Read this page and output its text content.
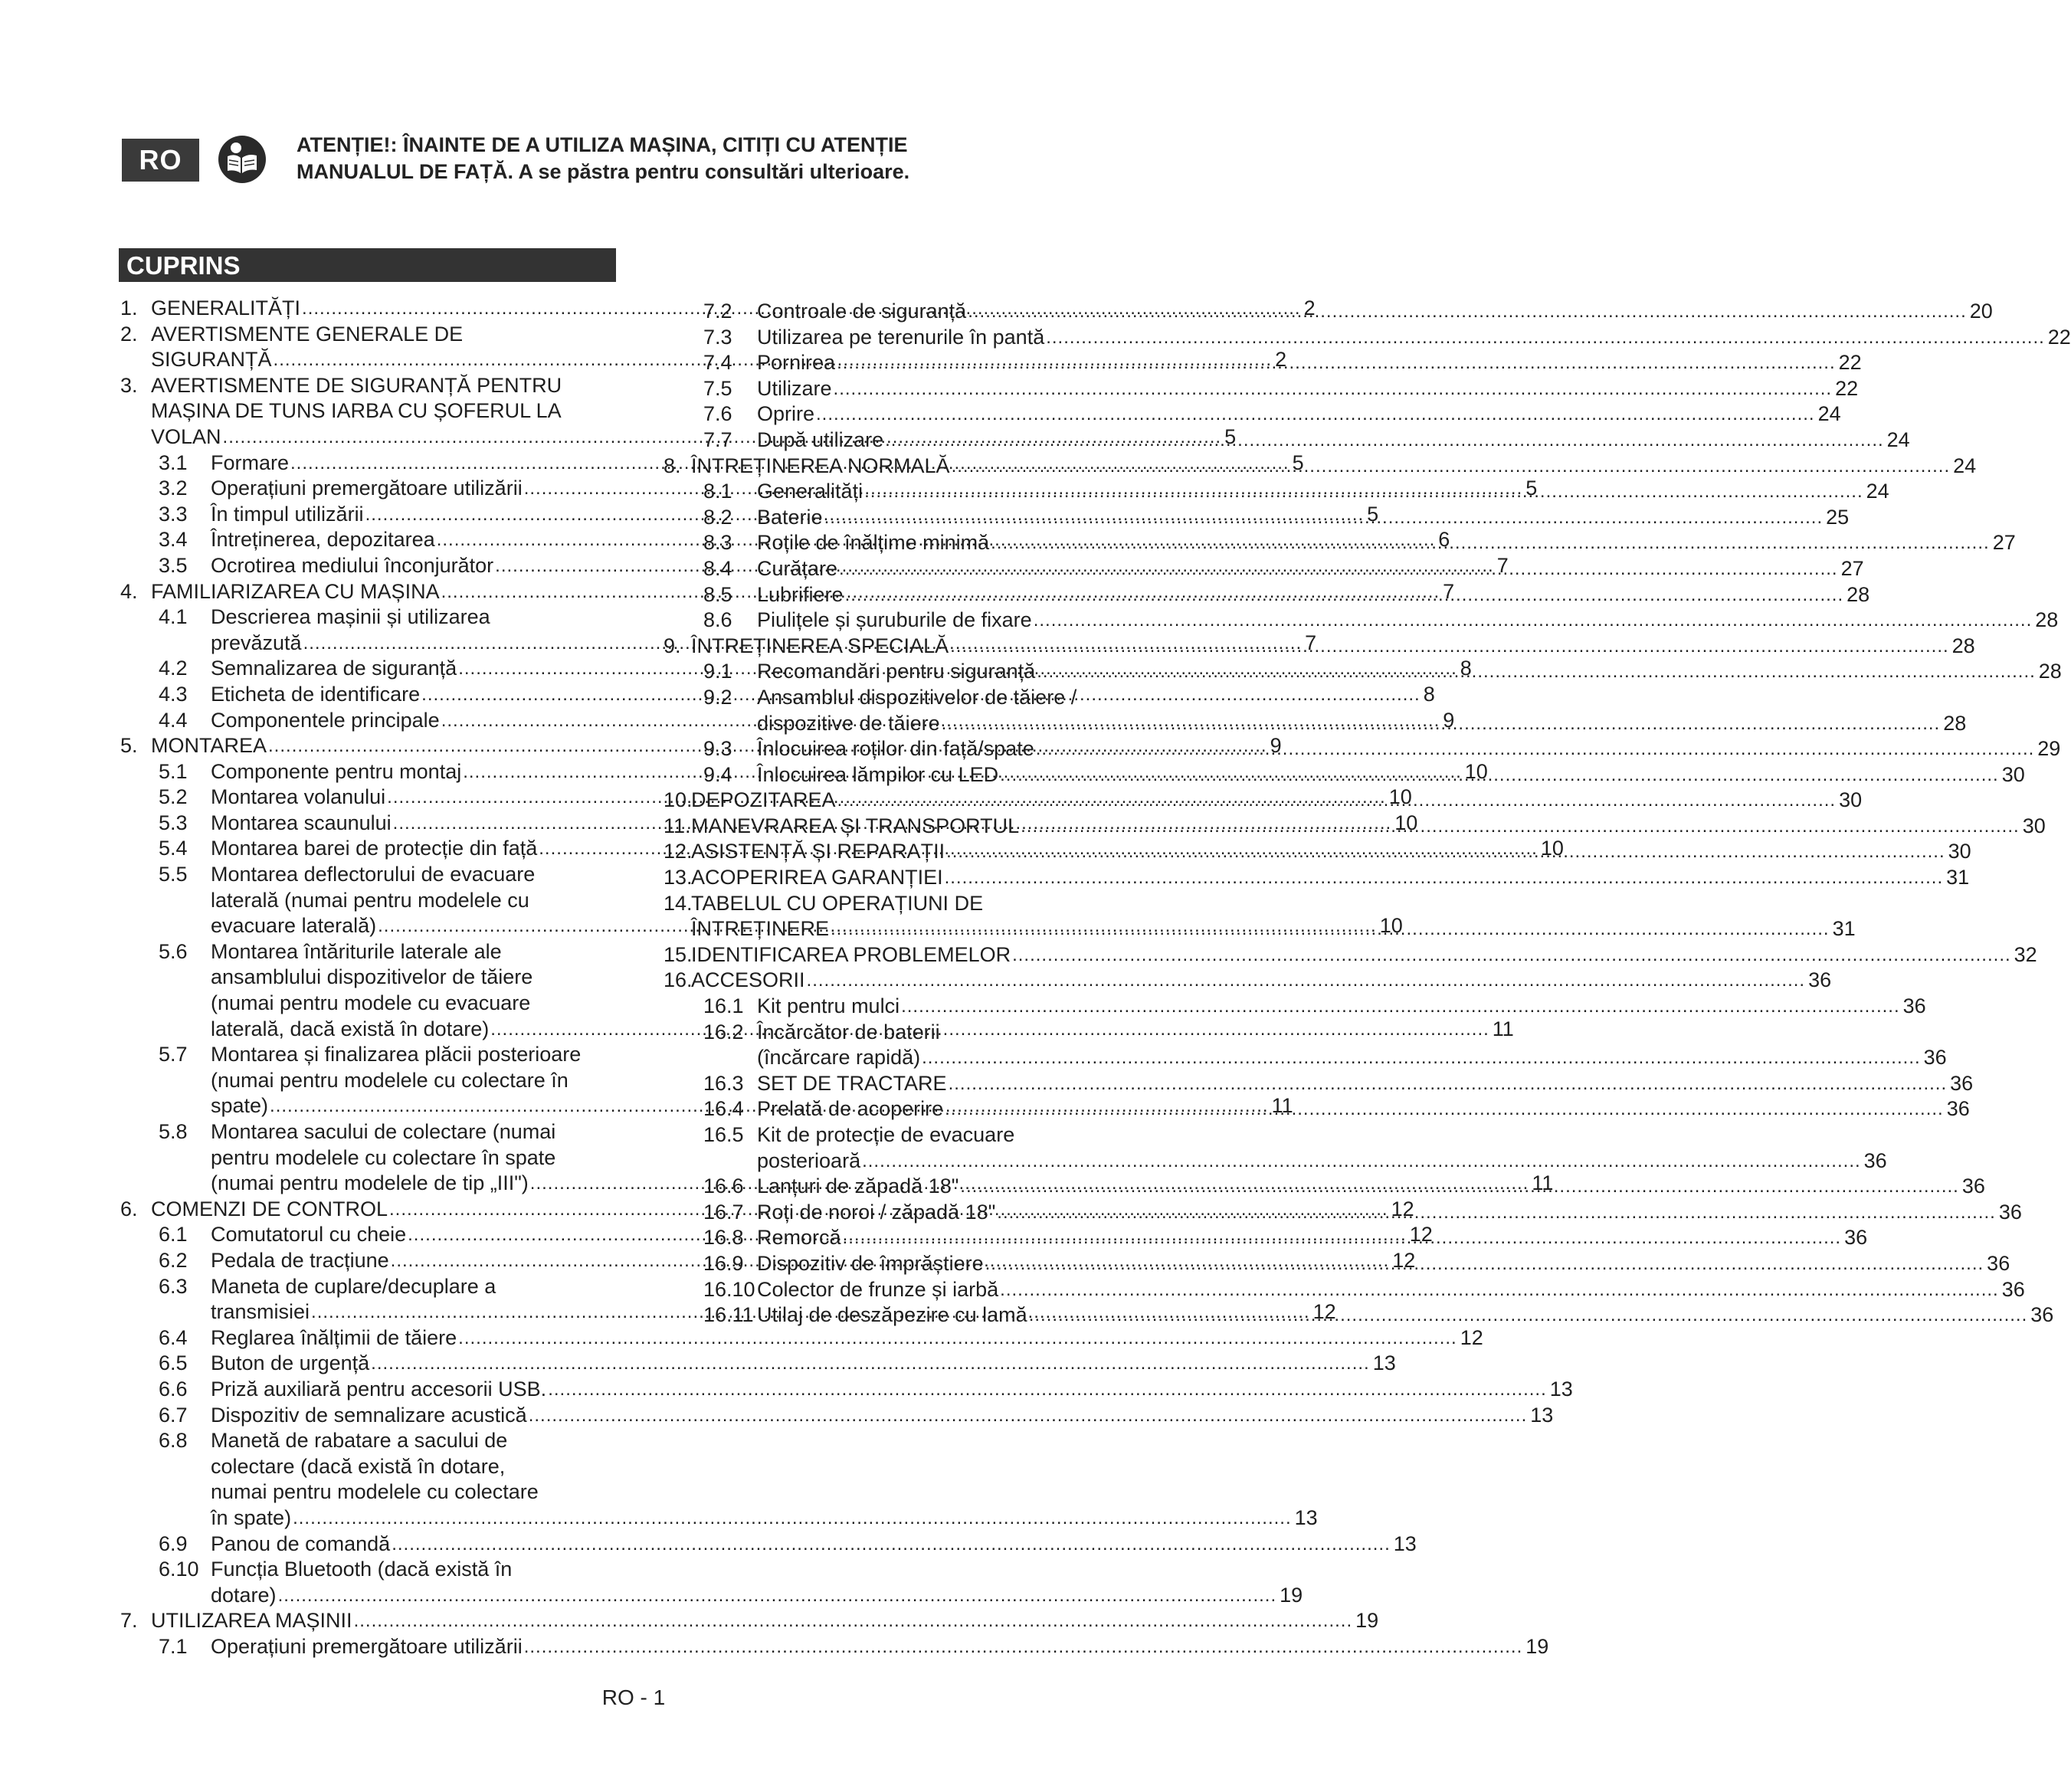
RO	ATENȚIE!: ÎNAINTE DE A UTILIZA MAȘINA, CITIȚI CU ATENȚIE
MANUALUL DE FAȚĂ. A se păstra pentru consultări ulterioare.
CUPRINS
1. GENERALITĂȚI .....	2
2. AVERTISMENTE GENERALE DE
SIGURANȚĂ .....	2
3. AVERTISMENTE DE SIGURANȚĂ PENTRU
MAȘINA DE TUNS IARBA CU ȘOFERUL LA
VOLAN .....	5
3.1 Formare .....	5
3.2 Operațiuni premergătoare utilizării .....	5
3.3 În timpul utilizării .....	5
3.4 Întreținerea, depozitarea .....	6
3.5 Ocrotirea mediului înconjurător .....	7
4. FAMILIARIZAREA CU MAȘINA .....	7
4.1 Descrierea mașinii și utilizarea
prevăzută .....	7
4.2 Semnalizarea de siguranță .....	8
4.3 Eticheta de identificare .....	8
4.4 Componentele principale .....	9
5. MONTAREA .....	9
5.1 Componente pentru montaj .....	10
5.2 Montarea volanului .....	10
5.3 Montarea scaunului .....	10
5.4 Montarea barei de protecție din față .....	10
5.5 Montarea deflectorului de evacuare
laterală (numai pentru modelele cu
evacuare laterală) .....	10
5.6 Montarea întăriturile laterale ale
ansamblului dispozitivelor de tăiere
(numai pentru modele cu evacuare
laterală, dacă există în dotare) .....	11
5.7 Montarea și finalizarea plăcii posterioare
(numai pentru modelele cu colectare în
spate) .....	11
5.8 Montarea sacului de colectare (numai
pentru modelele cu colectare în spate
(numai pentru modelele de tip „III") .....	11
6. COMENZI DE CONTROL .....	12
6.1 Comutatorul cu cheie .....	12
6.2 Pedala de tracțiune .....	12
6.3 Maneta de cuplare/decuplare a
transmisiei .....	12
6.4 Reglarea înălțimii de tăiere .....	12
6.5 Buton de urgență .....	13
6.6 Priză auxiliară pentru accesorii USB. .....	13
6.7 Dispozitiv de semnalizare acustică .....	13
6.8 Manetă de rabatare a sacului de
colectare (dacă există în dotare,
numai pentru modelele cu colectare
în spate) .....	13
6.9 Panou de comandă .....	13
6.10 Funcția Bluetooth (dacă există în
dotare) .....	19
7. UTILIZAREA MAȘINII .....	19
7.1 Operațiuni premergătoare utilizării .....	19
7.2 Controale de siguranță .....	20
7.3 Utilizarea pe terenurile în pantă .....	22
7.4 Pornirea .....	22
7.5 Utilizare .....	22
7.6 Oprire .....	24
7.7 După utilizare .....	24
8. ÎNTREȚINEREA NORMALĂ .....	24
8.1 Generalități .....	24
8.2 Baterie .....	25
8.3 Roțile de înălțime minimă .....	27
8.4 Curățare .....	27
8.5 Lubrifiere .....	28
8.6 Piulițele și șuruburile de fixare .....	28
9. ÎNTREȚINEREA SPECIALĂ .....	28
9.1 Recomandări pentru siguranță .....	28
9.2 Ansamblul dispozitivelor de tăiere /
dispozitive de tăiere .....	28
9.3 Înlocuirea roților din față/spate .....	29
9.4 Înlocuirea lămpilor cu LED .....	30
10.
DEPOZITAREA .....	30
11. MANEVRAREA ȘI TRANSPORTUL .....	30
12.
ASISTENȚĂ ȘI REPARAȚII .....	30
13.
ACOPERIREA GARANȚIEI .....	31
14.
TABELUL CU OPERAȚIUNI DE
ÎNTREȚINERE .....	31
15.
IDENTIFICAREA PROBLEMELOR .....	32
16.
ACCESORII .....	36
16.1 Kit pentru mulci .....	36
16.2 Încărcător de baterii
(încărcare rapidă) .....	36
16.3 SET DE TRACTARE .....	36
16.4 Prelată de acoperire .....	36
16.5 Kit de protecție de evacuare
posterioară .....	36
16.6 Lanțuri de zăpadă 18" .....	36
16.7 Roți de noroi / zăpadă 18" .....	36
16.8 Remorcă .....	36
16.9 Dispozitiv de împrăștiere .....	36
16.10 Colector de frunze și iarbă .....	36
16.11 Utilaj de deszăpezire cu lamă .....	36
RO - 1
